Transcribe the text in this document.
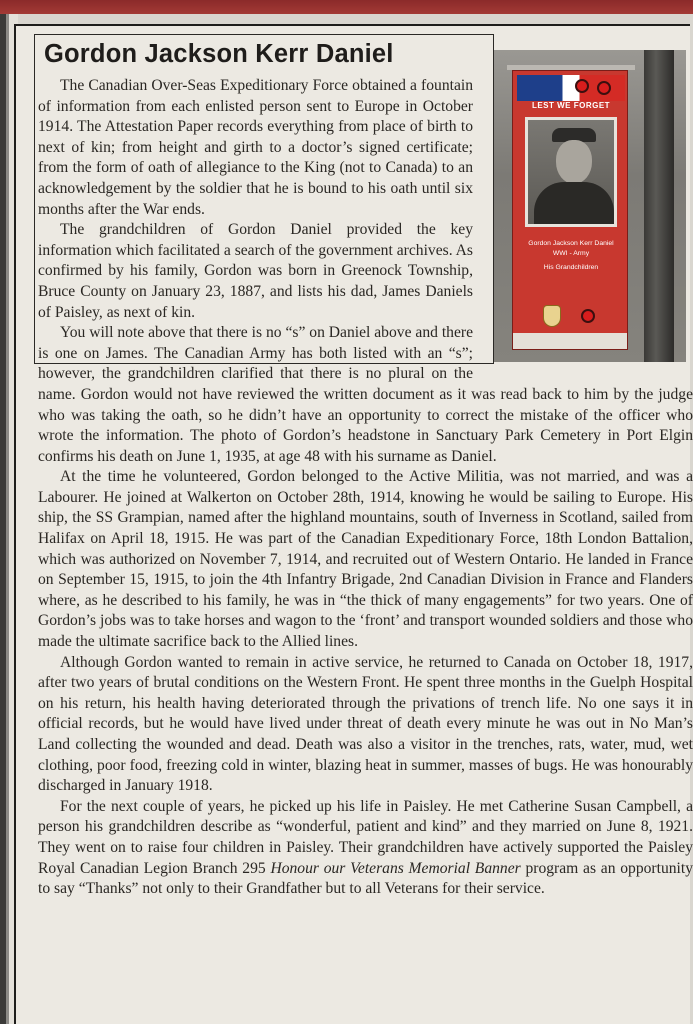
Gordon Jackson Kerr Daniel

The Canadian Over-Seas Expeditionary Force obtained a fountain of information from each enlisted person sent to Europe in October 1914. The Attestation Paper records everything from place of birth to next of kin; from height and girth to a doctor’s signed certificate; from the form of oath of allegiance to the King (not to Canada) to an acknowledgement by the soldier that he is bound to his oath until six months after the War ends.

The grandchildren of Gordon Daniel provided the key information which facilitated a search of the government archives. As confirmed by his family, Gordon was born in Greenock Township, Bruce County on January 23, 1887, and lists his dad, James Daniels of Paisley, as next of kin.

You will note above that there is no “s” on Daniel above and there is one on James. The Canadian Army has both listed with an “s”; however, the grandchildren clarified that there is no plural on the name. Gordon would not have reviewed the written document as it was read back to him by the judge who was taking the oath, so he didn’t have an opportunity to correct the mistake of the officer who wrote the information. The photo of Gordon’s headstone in Sanctuary Park Cemetery in Port Elgin confirms his death on June 1, 1935, at age 48 with his surname as Daniel.

At the time he volunteered, Gordon belonged to the Active Militia, was not married, and was a Labourer. He joined at Walkerton on October 28th, 1914, knowing he would be sailing to Europe. His ship, the SS Grampian, named after the highland mountains, south of Inverness in Scotland, sailed from Halifax on April 18, 1915. He was part of the Canadian Expeditionary Force, 18th London Battalion, which was authorized on November 7, 1914, and recruited out of Western Ontario. He landed in France on September 15, 1915, to join the 4th Infantry Brigade, 2nd Canadian Division in France and Flanders where, as he described to his family, he was in “the thick of many engagements” for two years. One of Gordon’s jobs was to take horses and wagon to the ‘front’ and transport wounded soldiers and those who made the ultimate sacrifice back to the Allied lines.

Although Gordon wanted to remain in active service, he returned to Canada on October 18, 1917, after two years of brutal conditions on the Western Front. He spent three months in the Guelph Hospital on his return, his health having deteriorated through the privations of trench life. No one says it in official records, but he would have lived under threat of death every minute he was out in No Man’s Land collecting the wounded and dead. Death was also a visitor in the trenches, rats, water, mud, wet clothing, poor food, freezing cold in winter, blazing heat in summer, masses of bugs. He was honourably discharged in January 1918.

For the next couple of years, he picked up his life in Paisley. He met Catherine Susan Campbell, a person his grandchildren describe as “wonderful, patient and kind” and they married on June 8, 1921. They went on to raise four children in Paisley. Their grandchildren have actively supported the Paisley Royal Canadian Legion Branch 295 Honour our Veterans Memorial Banner program as an opportunity to say “Thanks” not only to their Grandfather but to all Veterans for their service.

LEST WE FORGET
Gordon Jackson Kerr Daniel
WWI - Army
His Grandchildren
